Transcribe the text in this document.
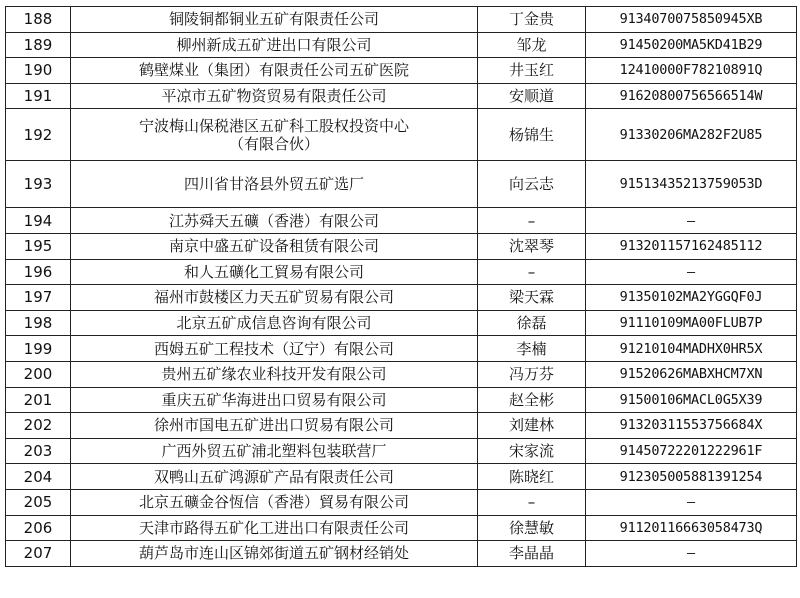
188	铜陵铜都铜业五矿有限责任公司	丁金贵	9134070075850945XB
189	柳州新成五矿进出口有限公司	邹龙	91450200MA5KD41B29
190	鹤壁煤业（集团）有限责任公司五矿医院	井玉红	12410000F78210891Q
191	平凉市五矿物资贸易有限责任公司	安顺道	91620800756566514W
192	宁波梅山保税港区五矿科工股权投资中心
（有限合伙）	杨锦生	91330206MA282F2U85
193	四川省甘洛县外贸五矿选厂	向云志	91513435213759053D
194	江苏舜天五礦（香港）有限公司	–	–
195	南京中盛五矿设备租赁有限公司	沈翠琴	913201157162485112
196	和人五礦化工貿易有限公司	–	–
197	福州市鼓楼区力天五矿贸易有限公司	梁天霖	91350102MA2YGGQF0J
198	北京五矿成信息咨询有限公司	徐磊	91110109MA00FLUB7P
199	西姆五矿工程技术（辽宁）有限公司	李楠	91210104MADHX0HR5X
200	贵州五矿缘农业科技开发有限公司	冯万芬	91520626MABXHCM7XN
201	重庆五矿华海进出口贸易有限公司	赵全彬	91500106MACL0G5X39
202	徐州市国电五矿进出口贸易有限公司	刘建林	91320311553756684X
203	广西外贸五矿浦北塑料包装联营厂	宋家流	91450722201222961F
204	双鸭山五矿鸿源矿产品有限责任公司	陈晓红	912305005881391254
205	北京五礦金谷恆信（香港）貿易有限公司	–	–
206	天津市路得五矿化工进出口有限责任公司	徐慧敏	91120116663058473Q
207	葫芦岛市连山区锦郊街道五矿钢材经销处	李晶晶	–
